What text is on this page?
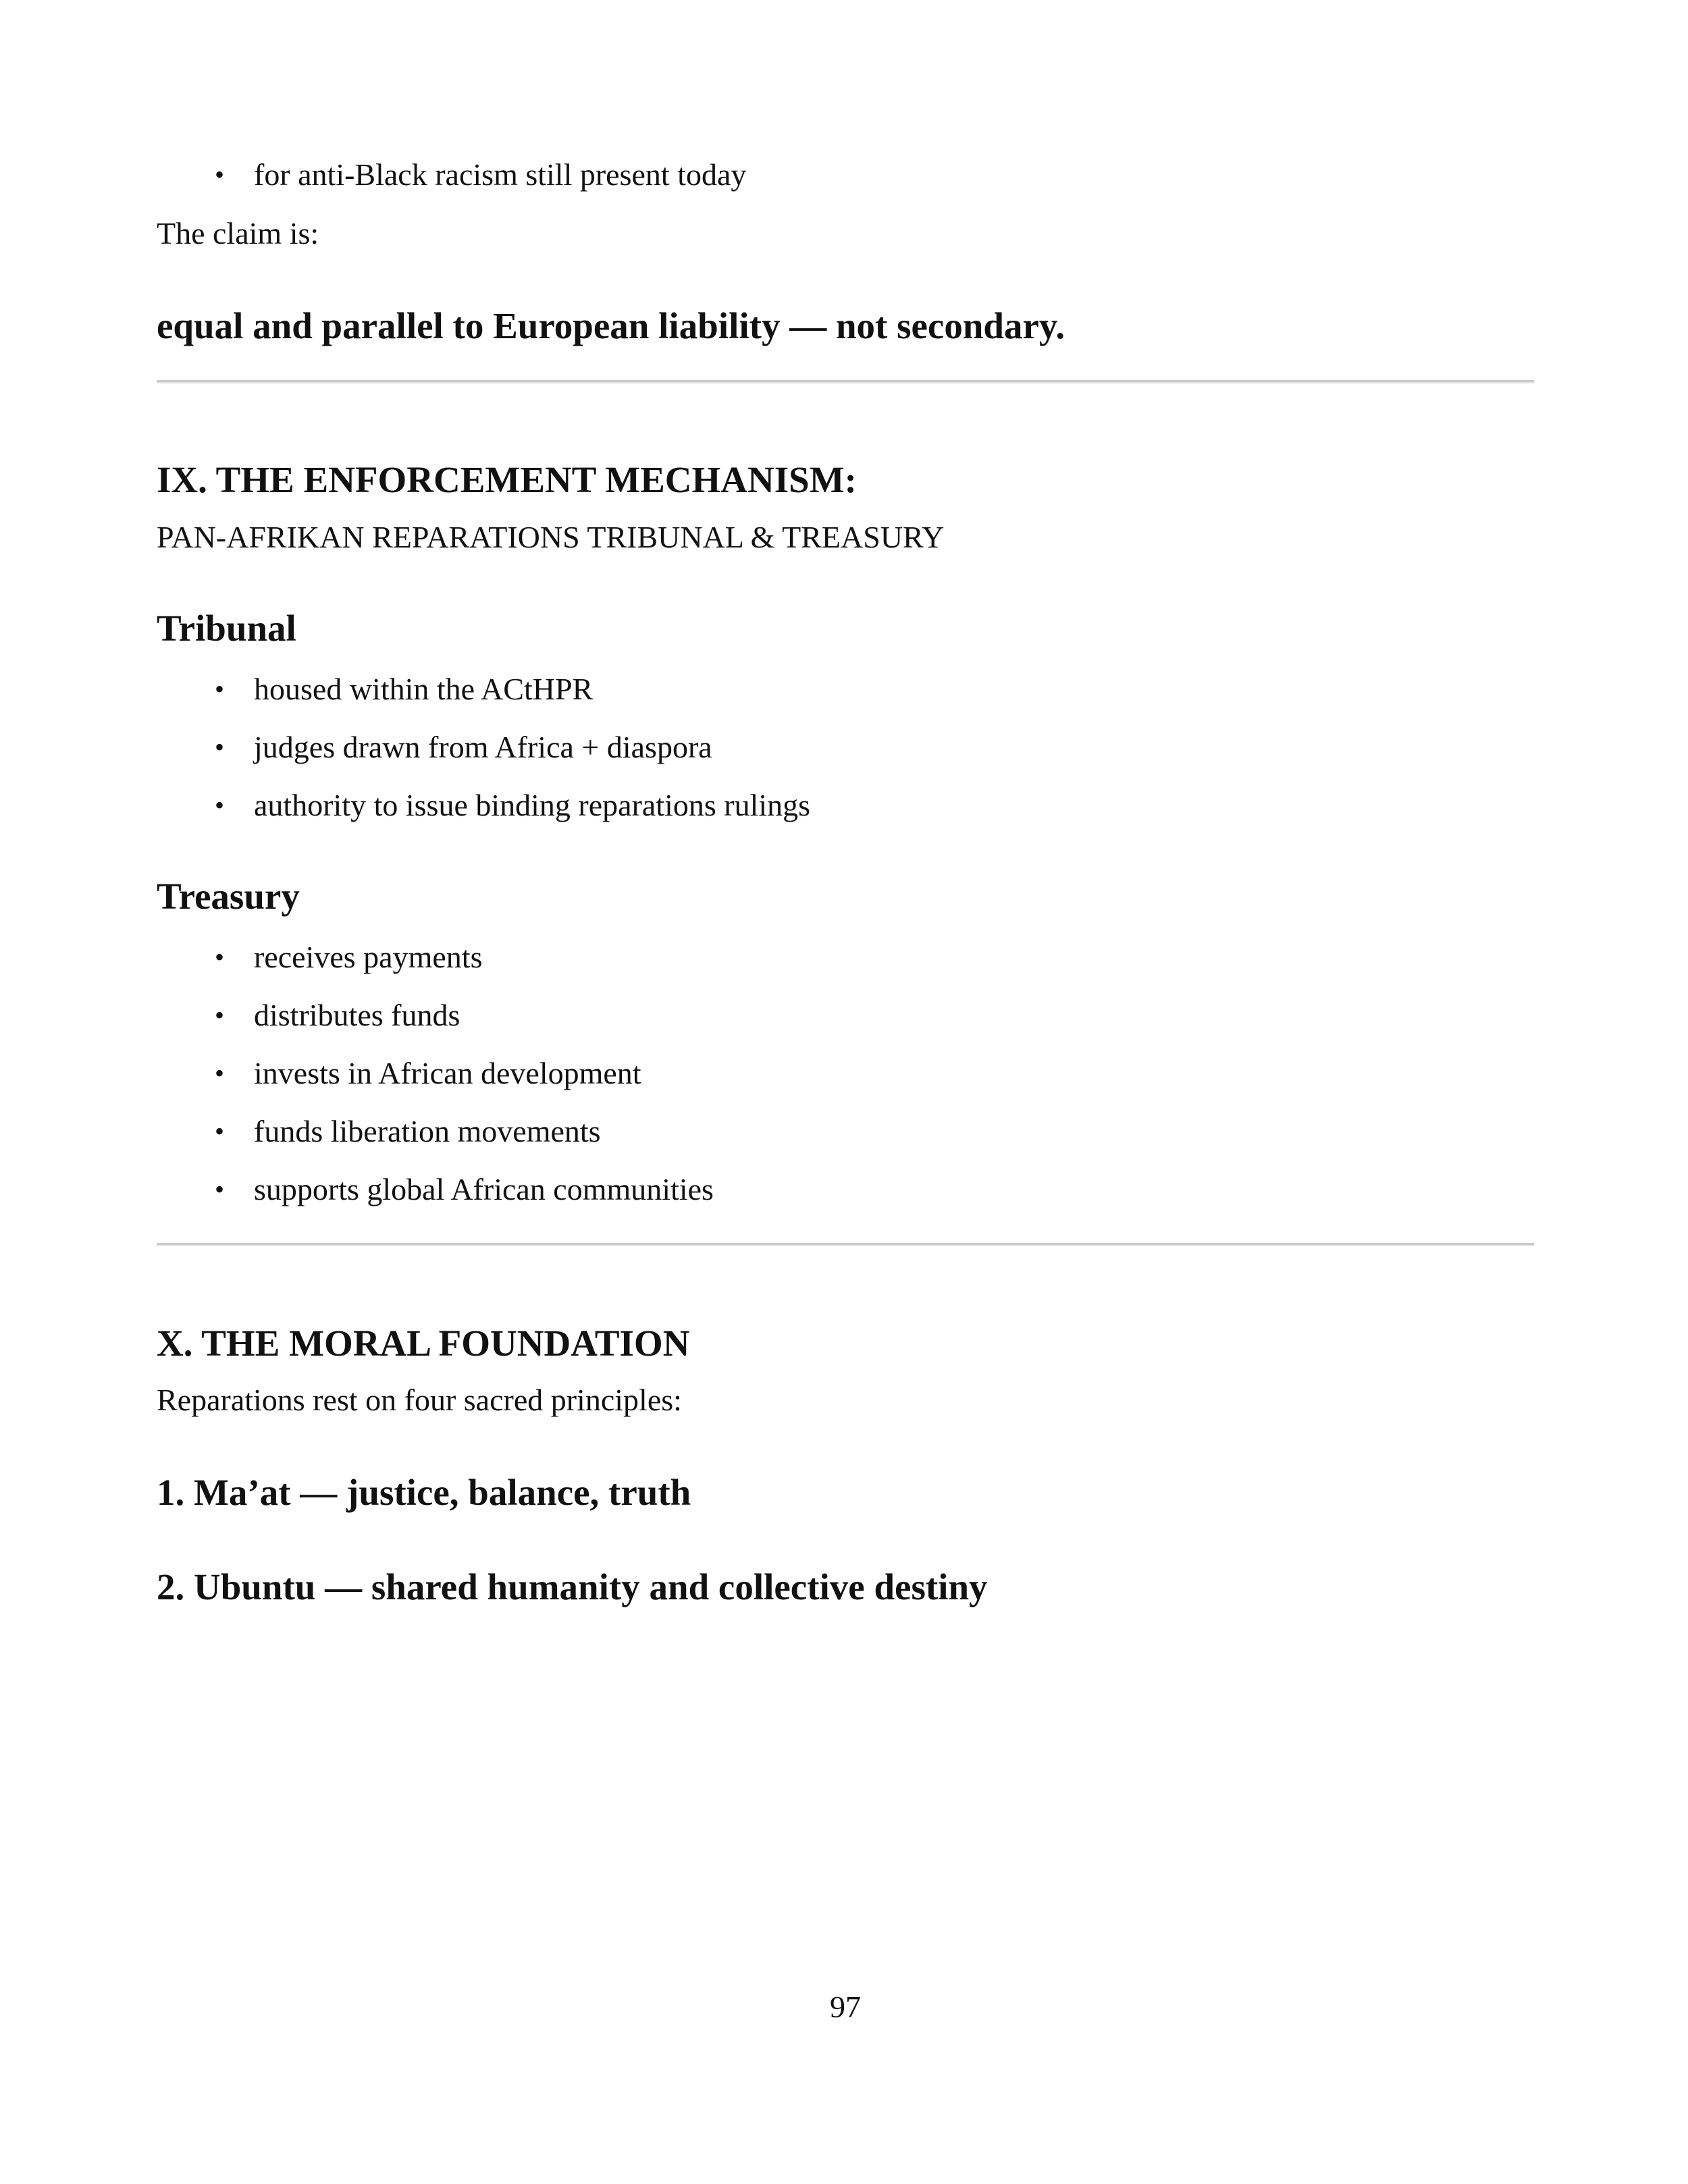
• for anti-Black racism still present today

The claim is:

equal and parallel to European liability — not secondary.

IX. THE ENFORCEMENT MECHANISM:

PAN-AFRIKAN REPARATIONS TRIBUNAL & TREASURY

Tribunal
• housed within the ACtHPR
• judges drawn from Africa + diaspora
• authority to issue binding reparations rulings
Treasury
• receives payments
• distributes funds
• invests in African development
• funds liberation movements
• supports global African communities
X. THE MORAL FOUNDATION

Reparations rest on four sacred principles:

1. Ma’at — justice, balance, truth
2. Ubuntu — shared humanity and collective destiny
97
